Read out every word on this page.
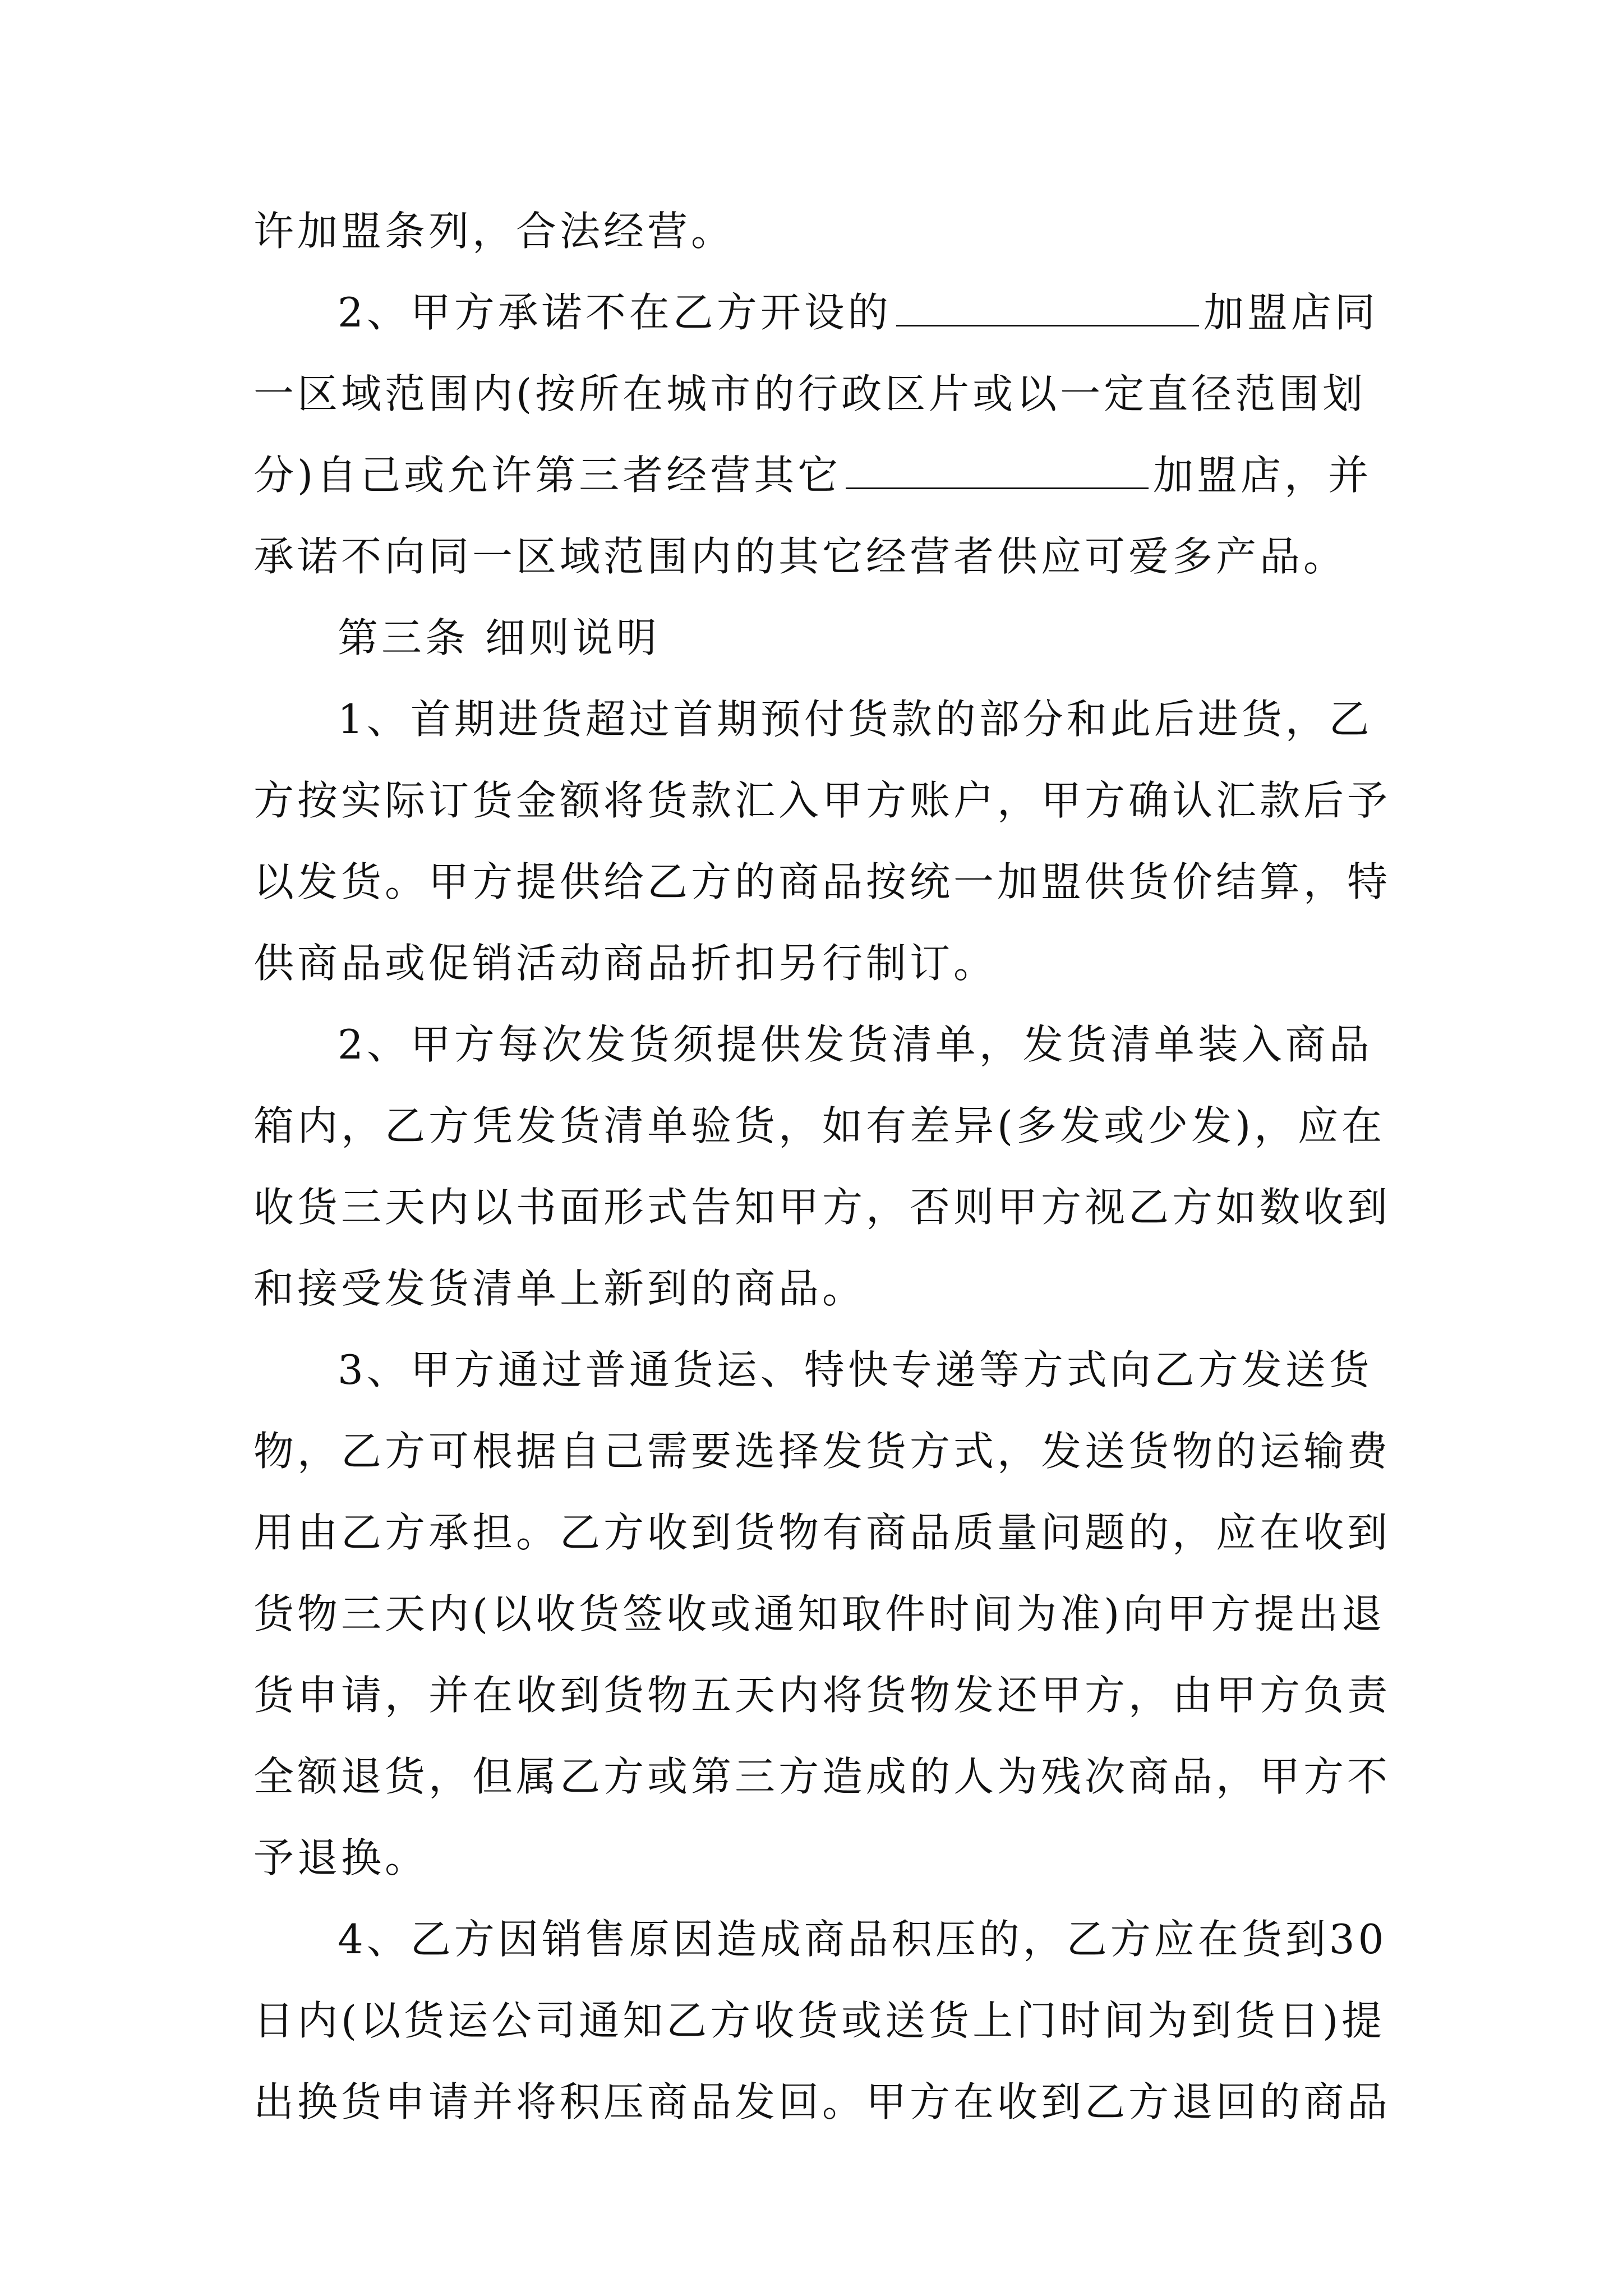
许加盟条列，合法经营。
2、甲方承诺不在乙方开设的	加盟店同
一区域范围内(按所在城市的行政区片或以一定直径范围划
分)自己或允许第三者经营其它	加盟店，并
承诺不向同一区域范围内的其它经营者供应可爱多产品。
第三条 细则说明
1、首期进货超过首期预付货款的部分和此后进货，乙
方按实际订货金额将货款汇入甲方账户，甲方确认汇款后予
以发货。甲方提供给乙方的商品按统一加盟供货价结算，特
供商品或促销活动商品折扣另行制订。
2、甲方每次发货须提供发货清单，发货清单装入商品
箱内，乙方凭发货清单验货，如有差异(多发或少发)，应在
收货三天内以书面形式告知甲方，否则甲方视乙方如数收到
和接受发货清单上新到的商品。
3、甲方通过普通货运、特快专递等方式向乙方发送货
物，乙方可根据自己需要选择发货方式，发送货物的运输费
用由乙方承担。乙方收到货物有商品质量问题的，应在收到
货物三天内(以收货签收或通知取件时间为准)向甲方提出退
货申请，并在收到货物五天内将货物发还甲方，由甲方负责
全额退货，但属乙方或第三方造成的人为残次商品，甲方不
予退换。
4、乙方因销售原因造成商品积压的，乙方应在货到30
日内(以货运公司通知乙方收货或送货上门时间为到货日)提
出换货申请并将积压商品发回。甲方在收到乙方退回的商品
